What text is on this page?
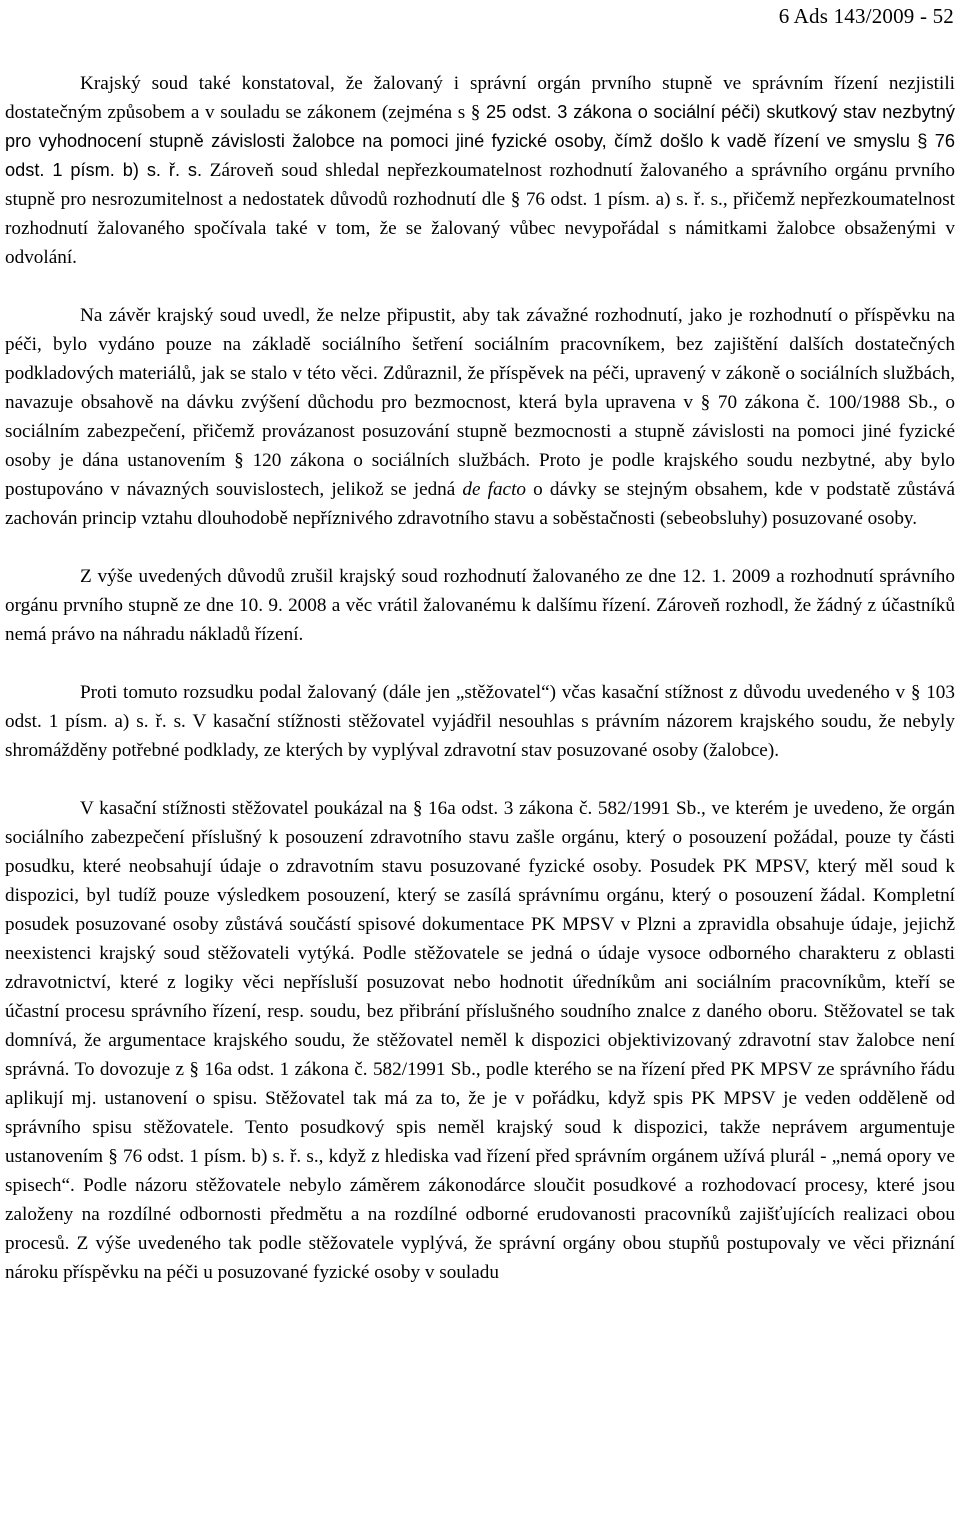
6 Ads 143/2009 - 52

Krajský soud také konstatoval, že žalovaný i správní orgán prvního stupně ve správním řízení nezjistili dostatečným způsobem a v souladu se zákonem (zejména s § 25 odst. 3 zákona o sociální péči) skutkový stav nezbytný pro vyhodnocení stupně závislosti žalobce na pomoci jiné fyzické osoby, čímž došlo k vadě řízení ve smyslu § 76 odst. 1 písm. b) s. ř. s. Zároveň soud shledal nepřezkoumatelnost rozhodnutí žalovaného a správního orgánu prvního stupně pro nesrozumitelnost a nedostatek důvodů rozhodnutí dle § 76 odst. 1 písm. a) s. ř. s., přičemž nepřezkoumatelnost rozhodnutí žalovaného spočívala také v tom, že se žalovaný vůbec nevypořádal s námitkami žalobce obsaženými v odvolání.

Na závěr krajský soud uvedl, že nelze připustit, aby tak závažné rozhodnutí, jako je rozhodnutí o příspěvku na péči, bylo vydáno pouze na základě sociálního šetření sociálním pracovníkem, bez zajištění dalších dostatečných podkladových materiálů, jak se stalo v této věci. Zdůraznil, že příspěvek na péči, upravený v zákoně o sociálních službách, navazuje obsahově na dávku zvýšení důchodu pro bezmocnost, která byla upravena v § 70 zákona č. 100/1988 Sb., o sociálním zabezpečení, přičemž provázanost posuzování stupně bezmocnosti a stupně závislosti na pomoci jiné fyzické osoby je dána ustanovením § 120 zákona o sociálních službách. Proto je podle krajského soudu nezbytné, aby bylo postupováno v návazných souvislostech, jelikož se jedná de facto o dávky se stejným obsahem, kde v podstatě zůstává zachován princip vztahu dlouhodobě nepříznivého zdravotního stavu a soběstačnosti (sebeobsluhy) posuzované osoby.

Z výše uvedených důvodů zrušil krajský soud rozhodnutí žalovaného ze dne 12. 1. 2009 a rozhodnutí správního orgánu prvního stupně ze dne 10. 9. 2008 a věc vrátil žalovanému k dalšímu řízení. Zároveň rozhodl, že žádný z účastníků nemá právo na náhradu nákladů řízení.

Proti tomuto rozsudku podal žalovaný (dále jen „stěžovatel“) včas kasační stížnost z důvodu uvedeného v § 103 odst. 1 písm. a) s. ř. s. V kasační stížnosti stěžovatel vyjádřil nesouhlas s právním názorem krajského soudu, že nebyly shromážděny potřebné podklady, ze kterých by vyplýval zdravotní stav posuzované osoby (žalobce).

V kasační stížnosti stěžovatel poukázal na § 16a odst. 3 zákona č. 582/1991 Sb., ve kterém je uvedeno, že orgán sociálního zabezpečení příslušný k posouzení zdravotního stavu zašle orgánu, který o posouzení požádal, pouze ty části posudku, které neobsahují údaje o zdravotním stavu posuzované fyzické osoby. Posudek PK MPSV, který měl soud k dispozici, byl tudíž pouze výsledkem posouzení, který se zasílá správnímu orgánu, který o posouzení žádal. Kompletní posudek posuzované osoby zůstává součástí spisové dokumentace PK MPSV v Plzni a zpravidla obsahuje údaje, jejichž neexistenci krajský soud stěžovateli vytýká. Podle stěžovatele se jedná o údaje vysoce odborného charakteru z oblasti zdravotnictví, které z logiky věci nepřísluší posuzovat nebo hodnotit úředníkům ani sociálním pracovníkům, kteří se účastní procesu správního řízení, resp. soudu, bez přibrání příslušného soudního znalce z daného oboru. Stěžovatel se tak domnívá, že argumentace krajského soudu, že stěžovatel neměl k dispozici objektivizovaný zdravotní stav žalobce není správná. To dovozuje z § 16a odst. 1 zákona č. 582/1991 Sb., podle kterého se na řízení před PK MPSV ze správního řádu aplikují mj. ustanovení o spisu. Stěžovatel tak má za to, že je v pořádku, když spis PK MPSV je veden odděleně od správního spisu stěžovatele. Tento posudkový spis neměl krajský soud k dispozici, takže neprávem argumentuje ustanovením § 76 odst. 1 písm. b) s. ř. s., když z hlediska vad řízení před správním orgánem užívá plurál - „nemá opory ve spisech“. Podle názoru stěžovatele nebylo záměrem zákonodárce sloučit posudkové a rozhodovací procesy, které jsou založeny na rozdílné odbornosti předmětu a na rozdílné odborné erudovanosti pracovníků zajišťujících realizaci obou procesů. Z výše uvedeného tak podle stěžovatele vyplývá, že správní orgány obou stupňů postupovaly ve věci přiznání nároku příspěvku na péči u posuzované fyzické osoby v souladu
